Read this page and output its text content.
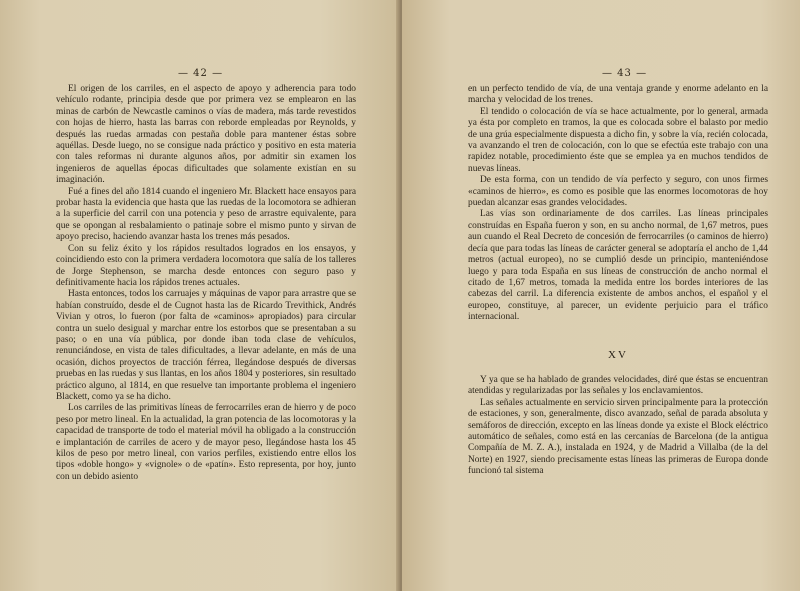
— 42 —

El origen de los carriles, en el aspecto de apoyo y adherencia para todo vehículo rodante, principia desde que por primera vez se emplearon en las minas de carbón de Newcastle caminos o vías de madera, más tarde revestidos con hojas de hierro, hasta las barras con reborde empleadas por Reynolds, y después las ruedas armadas con pestaña doble para mantener éstas sobre aquéllas. Desde luego, no se consigue nada práctico y positivo en esta materia con tales reformas ni durante algunos años, por admitir sin examen los ingenieros de aquellas épocas dificultades que solamente existían en su imaginación.

Fué a fines del año 1814 cuando el ingeniero Mr. Blackett hace ensayos para probar hasta la evidencia que hasta que las ruedas de la locomotora se adhieran a la superficie del carril con una potencia y peso de arrastre equivalente, para que se opongan al resbalamiento o patinaje sobre el mismo punto y sirvan de apoyo preciso, haciendo avanzar hasta los trenes más pesados.

Con su feliz éxito y los rápidos resultados logrados en los ensayos, y coincidiendo esto con la primera verdadera locomotora que salía de los talleres de Jorge Stephenson, se marcha desde entonces con seguro paso y definitivamente hacia los rápidos trenes actuales.

Hasta entonces, todos los carruajes y máquinas de vapor para arrastre que se habían construído, desde el de Cugnot hasta las de Ricardo Trevithick, Andrés Vivian y otros, lo fueron (por falta de «caminos» apropiados) para circular contra un suelo desigual y marchar entre los estorbos que se presentaban a su paso; o en una vía pública, por donde iban toda clase de vehículos, renunciándose, en vista de tales dificultades, a llevar adelante, en más de una ocasión, dichos proyectos de tracción férrea, llegándose después de diversas pruebas en las ruedas y sus llantas, en los años 1804 y posteriores, sin resultado práctico alguno, al 1814, en que resuelve tan importante problema el ingeniero Blackett, como ya se ha dicho.

Los carriles de las primitivas líneas de ferrocarriles eran de hierro y de poco peso por metro lineal. En la actualidad, la gran potencia de las locomotoras y la capacidad de transporte de todo el material móvil ha obligado a la construcción e implantación de carriles de acero y de mayor peso, llegándose hasta los 45 kilos de peso por metro lineal, con varios perfiles, existiendo entre ellos los tipos «doble hongo» y «vignole» o de «patín». Esto representa, por hoy, junto con un debido asiento

— 43 —

en un perfecto tendido de vía, de una ventaja grande y enorme adelanto en la marcha y velocidad de los trenes.

El tendido o colocación de vía se hace actualmente, por lo general, armada ya ésta por completo en tramos, la que es colocada sobre el balasto por medio de una grúa especialmente dispuesta a dicho fin, y sobre la vía, recién colocada, va avanzando el tren de colocación, con lo que se efectúa este trabajo con una rapidez notable, procedimiento éste que se emplea ya en muchos tendidos de nuevas líneas.

De esta forma, con un tendido de vía perfecto y seguro, con unos firmes «caminos de hierro», es como es posible que las enormes locomotoras de hoy puedan alcanzar esas grandes velocidades.

Las vías son ordinariamente de dos carriles. Las líneas principales construídas en España fueron y son, en su ancho normal, de 1,67 metros, pues aun cuando el Real Decreto de concesión de ferrocarriles (o caminos de hierro) decía que para todas las líneas de carácter general se adoptaría el ancho de 1,44 metros (actual europeo), no se cumplió desde un principio, manteniéndose luego y para toda España en sus líneas de construcción de ancho normal el citado de 1,67 metros, tomada la medida entre los bordes interiores de las cabezas del carril. La diferencia existente de ambos anchos, el español y el europeo, constituye, al parecer, un evidente perjuicio para el tráfico internacional.

XV

Y ya que se ha hablado de grandes velocidades, diré que éstas se encuentran atendidas y regularizadas por las señales y los enclavamientos.

Las señales actualmente en servicio sirven principalmente para la protección de estaciones, y son, generalmente, disco avanzado, señal de parada absoluta y semáforos de dirección, excepto en las líneas donde ya existe el Block eléctrico automático de señales, como está en las cercanías de Barcelona (de la antigua Compañía de M. Z. A.), instalada en 1924, y de Madrid a Villalba (de la del Norte) en 1927, siendo precisamente estas líneas las primeras de Europa donde funcionó tal sistema
